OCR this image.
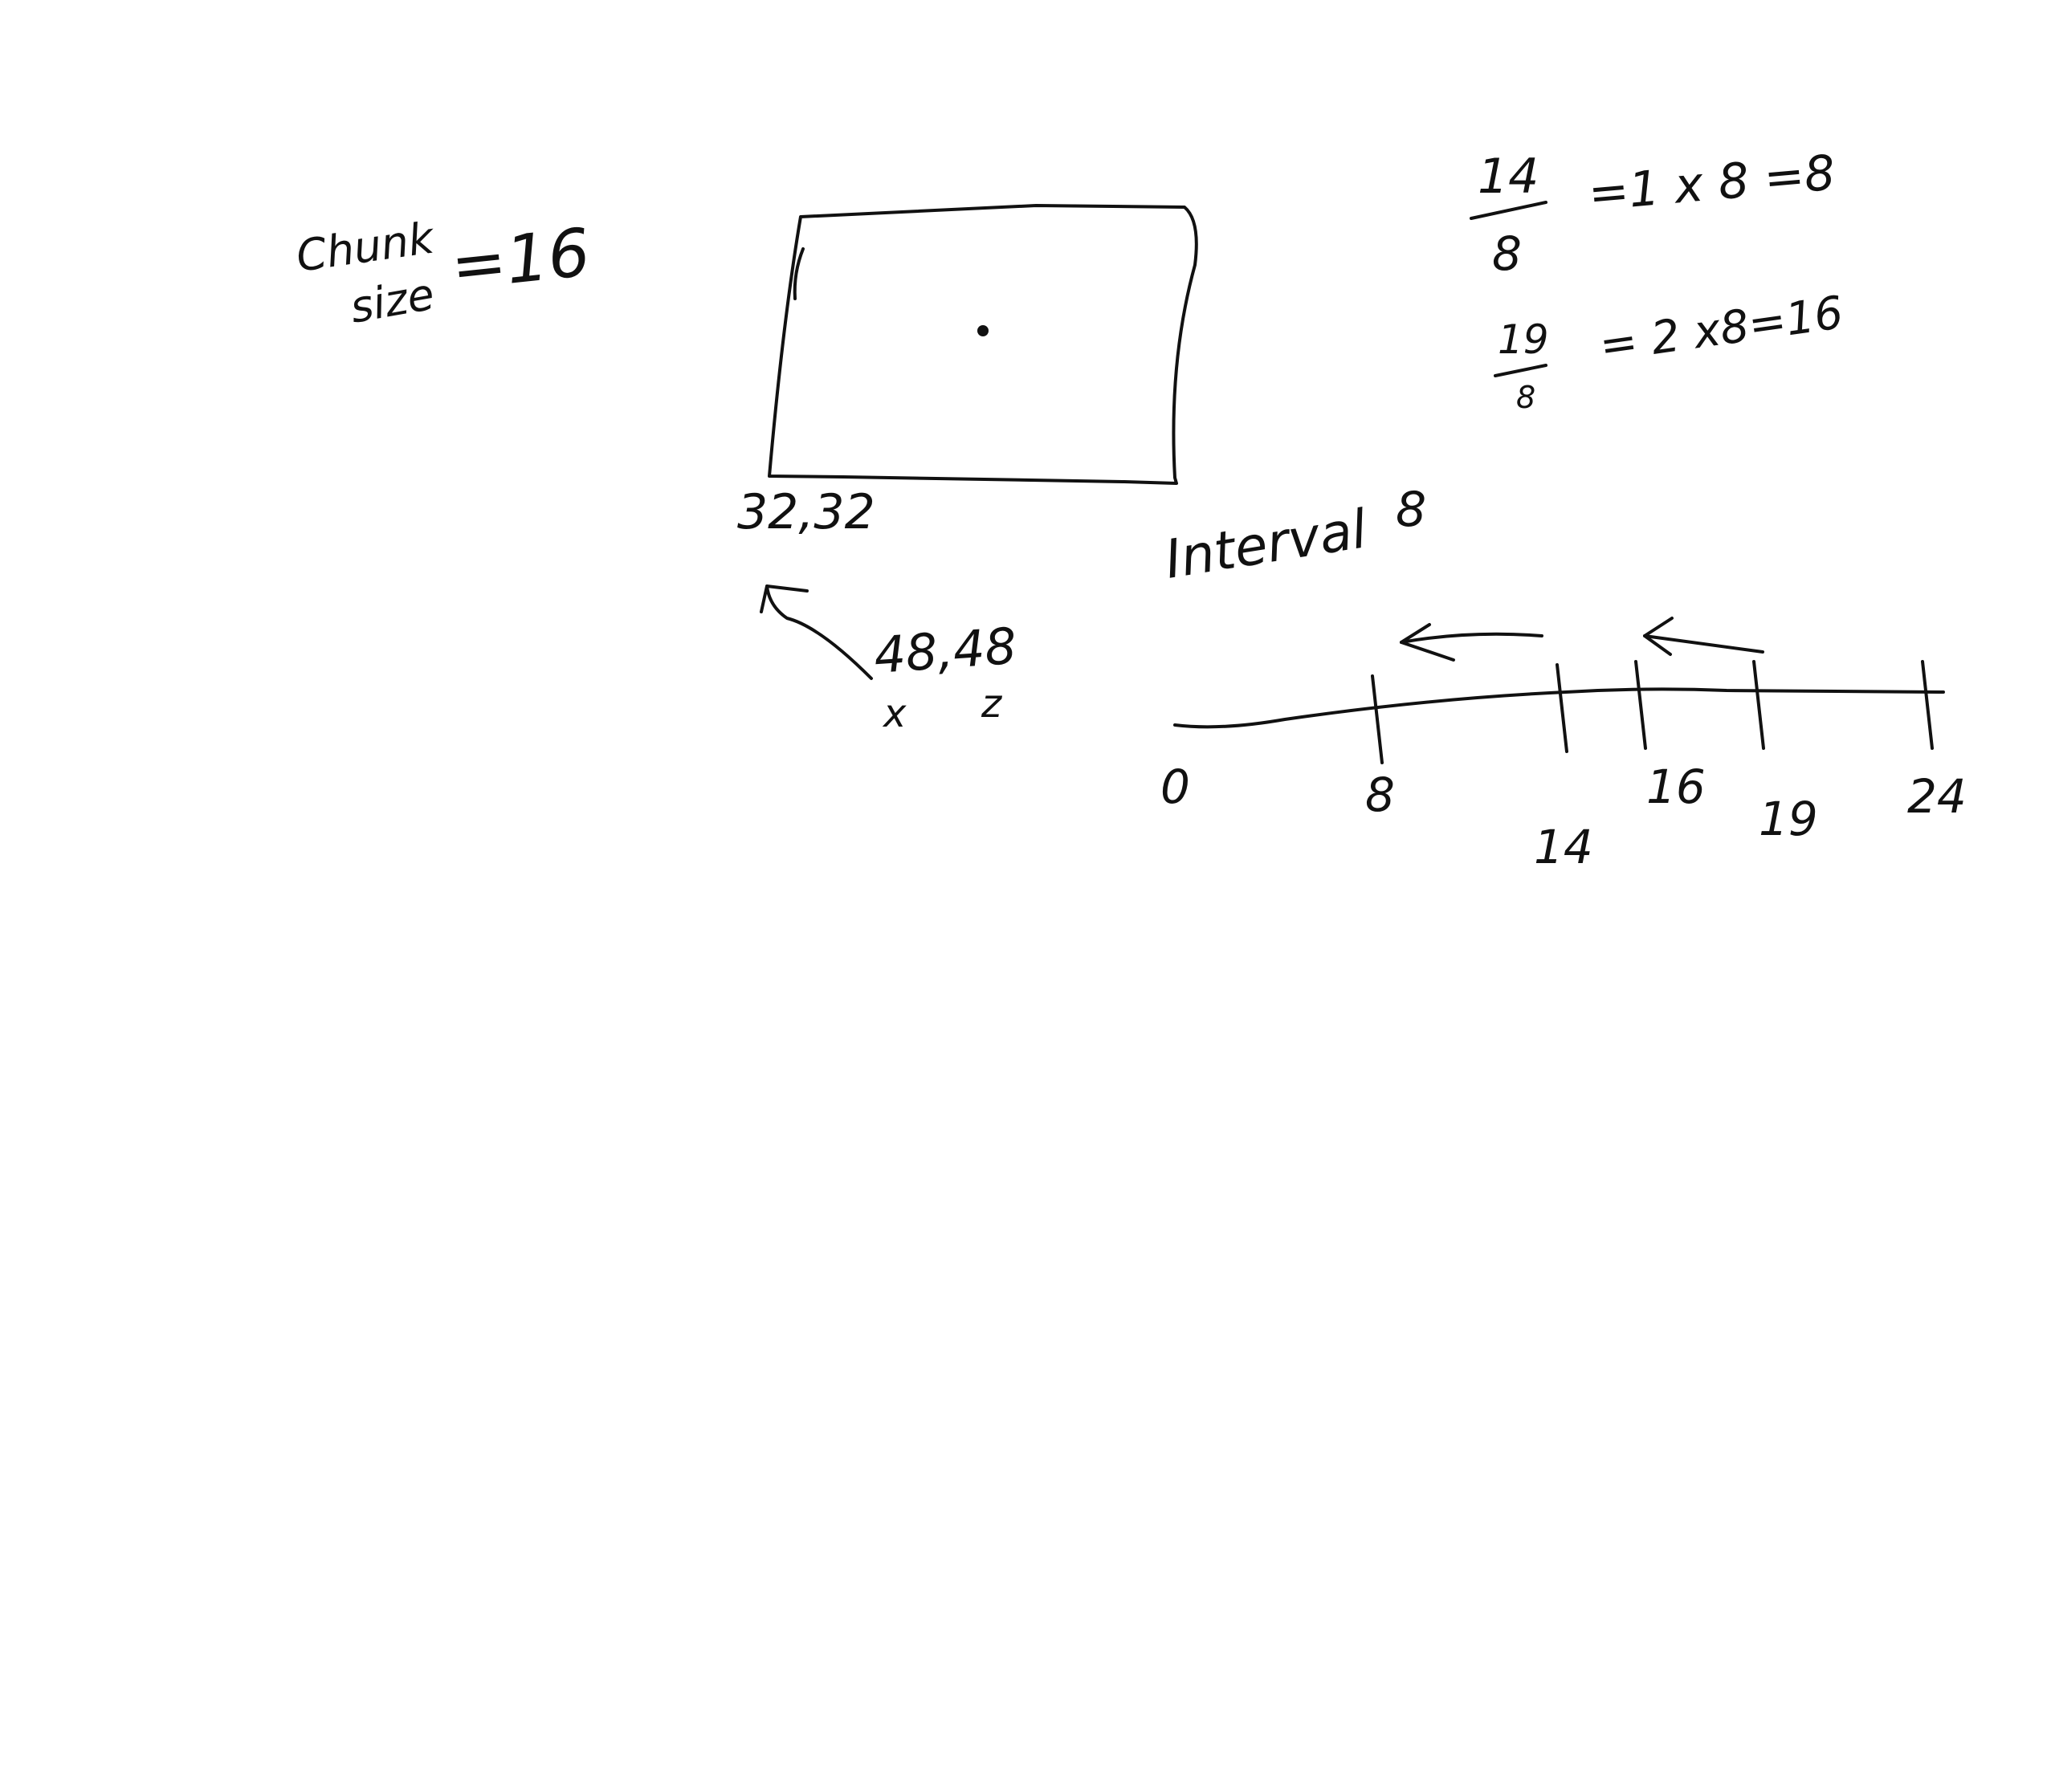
Chunk
size =16
32,32
48,48
x z
14
8
=1 x 8 =8
19
8
= 2 x8=16
Interval 8
0	8
14
16
19 24
